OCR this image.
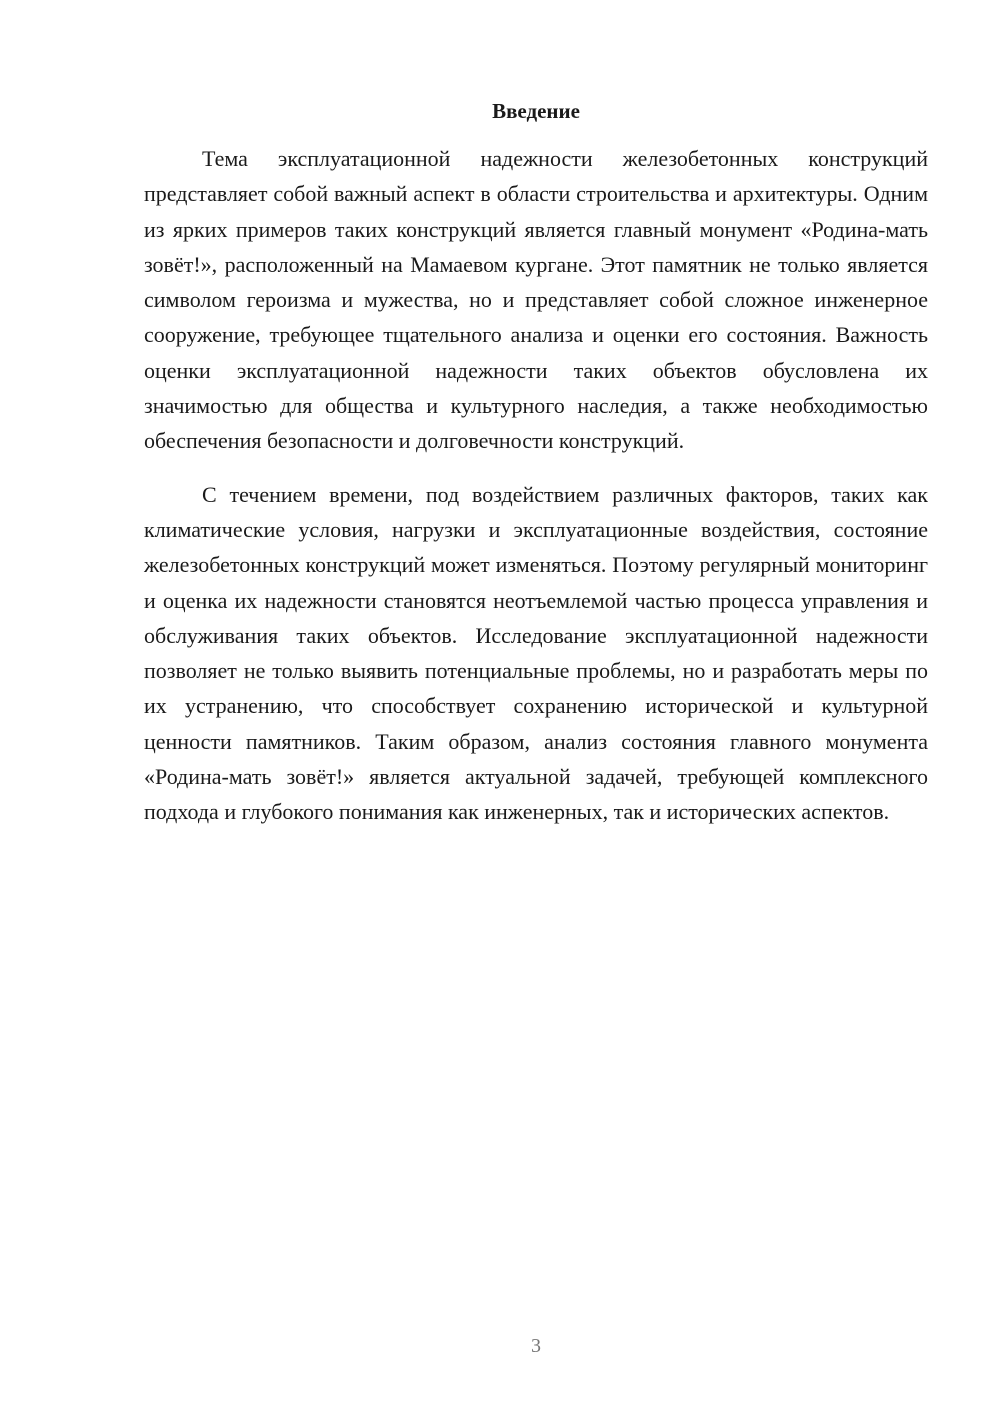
Введение

Тема эксплуатационной надежности железобетонных конструкций представляет собой важный аспект в области строительства и архитектуры. Одним из ярких примеров таких конструкций является главный монумент «Родина-мать зовёт!», расположенный на Мамаевом кургане. Этот памятник не только является символом героизма и мужества, но и представляет собой сложное инженерное сооружение, требующее тщательного анализа и оценки его состояния. Важность оценки эксплуатационной надежности таких объектов обусловлена их значимостью для общества и культурного наследия, а также необходимостью обеспечения безопасности и долговечности конструкций.

С течением времени, под воздействием различных факторов, таких как климатические условия, нагрузки и эксплуатационные воздействия, состояние железобетонных конструкций может изменяться. Поэтому регулярный мониторинг и оценка их надежности становятся неотъемлемой частью процесса управления и обслуживания таких объектов. Исследование эксплуатационной надежности позволяет не только выявить потенциальные проблемы, но и разработать меры по их устранению, что способствует сохранению исторической и культурной ценности памятников. Таким образом, анализ состояния главного монумента «Родина-мать зовёт!» является актуальной задачей, требующей комплексного подхода и глубокого понимания как инженерных, так и исторических аспектов.

3
